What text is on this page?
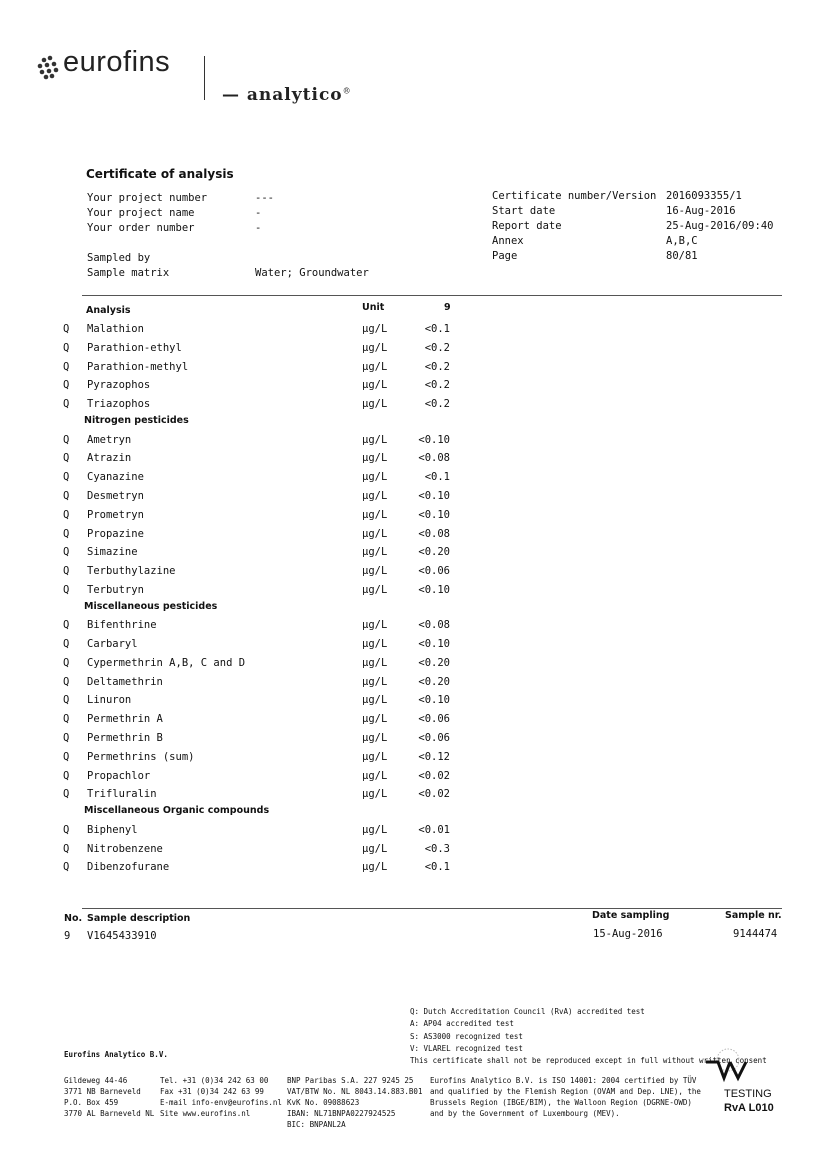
eurofins
— analytico®
Certificate of analysis
Your project number	---
Your project name	-
Your order number	-
Sampled by
Sample matrix	Water; Groundwater
Certificate number/Version 2016093355/1
Start date	16-Aug-2016
Report date	25-Aug-2016/09:40
Annex	A,B,C
Page	80/81
Analysis	Unit	9
Q Malathion	µg/L	<0.1
Q Parathion-ethyl	µg/L	<0.2
Q Parathion-methyl	µg/L	<0.2
Q Pyrazophos	µg/L	<0.2
Q Triazophos	µg/L	<0.2
Nitrogen pesticides
Q Ametryn	µg/L	<0.10
Q Atrazin	µg/L	<0.08
Q Cyanazine	µg/L	<0.1
Q Desmetryn	µg/L	<0.10
Q Prometryn	µg/L	<0.10
Q Propazine	µg/L	<0.08
Q Simazine	µg/L	<0.20
Q Terbuthylazine	µg/L	<0.06
Q Terbutryn	µg/L	<0.10
Miscellaneous pesticides
Q Bifenthrine	µg/L	<0.08
Q Carbaryl	µg/L	<0.10
Q Cypermethrin A,B, C and D	µg/L	<0.20
Q Deltamethrin	µg/L	<0.20
Q Linuron	µg/L	<0.10
Q Permethrin A	µg/L	<0.06
Q Permethrin B	µg/L	<0.06
Q Permethrins (sum)	µg/L	<0.12
Q Propachlor	µg/L	<0.02
Q Trifluralin	µg/L	<0.02
Miscellaneous Organic compounds
Q Biphenyl	µg/L	<0.01
Q Nitrobenzene	µg/L	<0.3
Q Dibenzofurane	µg/L	<0.1
No. Sample description	Date sampling	Sample nr.
9 V1645433910	15-Aug-2016	9144474
Q: Dutch Accreditation Council (RvA) accredited test
A: AP04 accredited test
S: AS3000 recognized test
V: VLAREL recognized test
This certificate shall not be reproduced except in full without written consent
Eurofins Analytico B.V.
Gildeweg 44-46
3771 NB Barneveld
P.O. Box 459
3770 AL Barneveld NL
Tel. +31 (0)34 242 63 00
Fax +31 (0)34 242 63 99
E-mail info-env@eurofins.nl
Site www.eurofins.nl
BNP Paribas S.A. 227 9245 25
VAT/BTW No. NL 8043.14.883.B01
KvK No. 09088623
IBAN: NL71BNPA0227924525
BIC: BNPANL2A
Eurofins Analytico B.V. is ISO 14001: 2004 certified by TÜV
and qualified by the Flemish Region (OVAM and Dep. LNE), the
Brussels Region (IBGE/BIM), the Walloon Region (DGRNE-OWD)
and by the Government of Luxembourg (MEV).
TESTING
RvA L010
